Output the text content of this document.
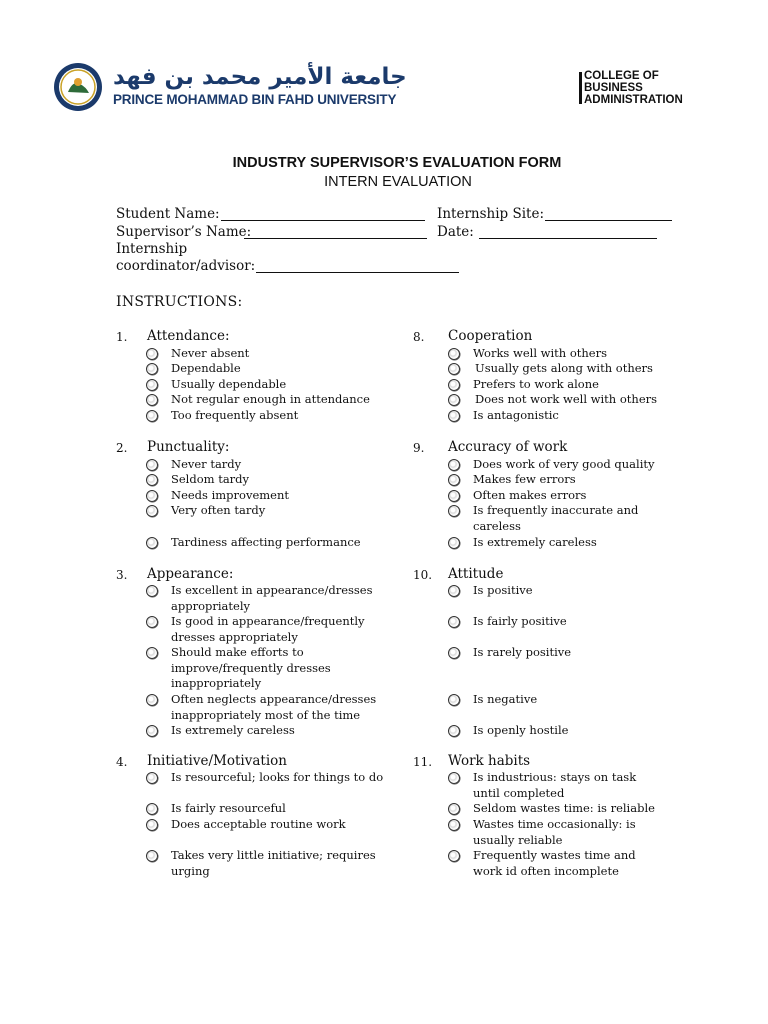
جامعة الأمير محمد بن فهد
PRINCE MOHAMMAD BIN FAHD UNIVERSITY
COLLEGE OF
BUSINESS
ADMINISTRATION
INDUSTRY SUPERVISOR’S EVALUATION FORM
INTERN EVALUATION
Student Name:	Internship Site:
Supervisor’s Name:	Date:
Internship
coordinator/advisor:
INSTRUCTIONS:
1. Attendance:
Never absent
Dependable
Usually dependable
Not regular enough in attendance
Too frequently absent
2. Punctuality:
Never tardy
Seldom tardy
Needs improvement
Very often tardy
Tardiness affecting performance
3. Appearance:
Is excellent in appearance/dresses appropriately
Is good in appearance/frequently dresses appropriately
Should make efforts to improve/frequently dresses inappropriately
Often neglects appearance/dresses inappropriately most of the time
Is extremely careless
4. Initiative/Motivation
Is resourceful; looks for things to do
Is fairly resourceful
Does acceptable routine work
Takes very little initiative; requires urging
8. Cooperation
Works well with others
Usually gets along with others
Prefers to work alone
Does not work well with others
Is antagonistic
9. Accuracy of work
Does work of very good quality
Makes few errors
Often makes errors
Is frequently inaccurate and careless
Is extremely careless
10. Attitude
Is positive
Is fairly positive
Is rarely positive
Is negative
Is openly hostile
11. Work habits
Is industrious: stays on task until completed
Seldom wastes time: is reliable
Wastes time occasionally: is usually reliable
Frequently wastes time and work id often incomplete
